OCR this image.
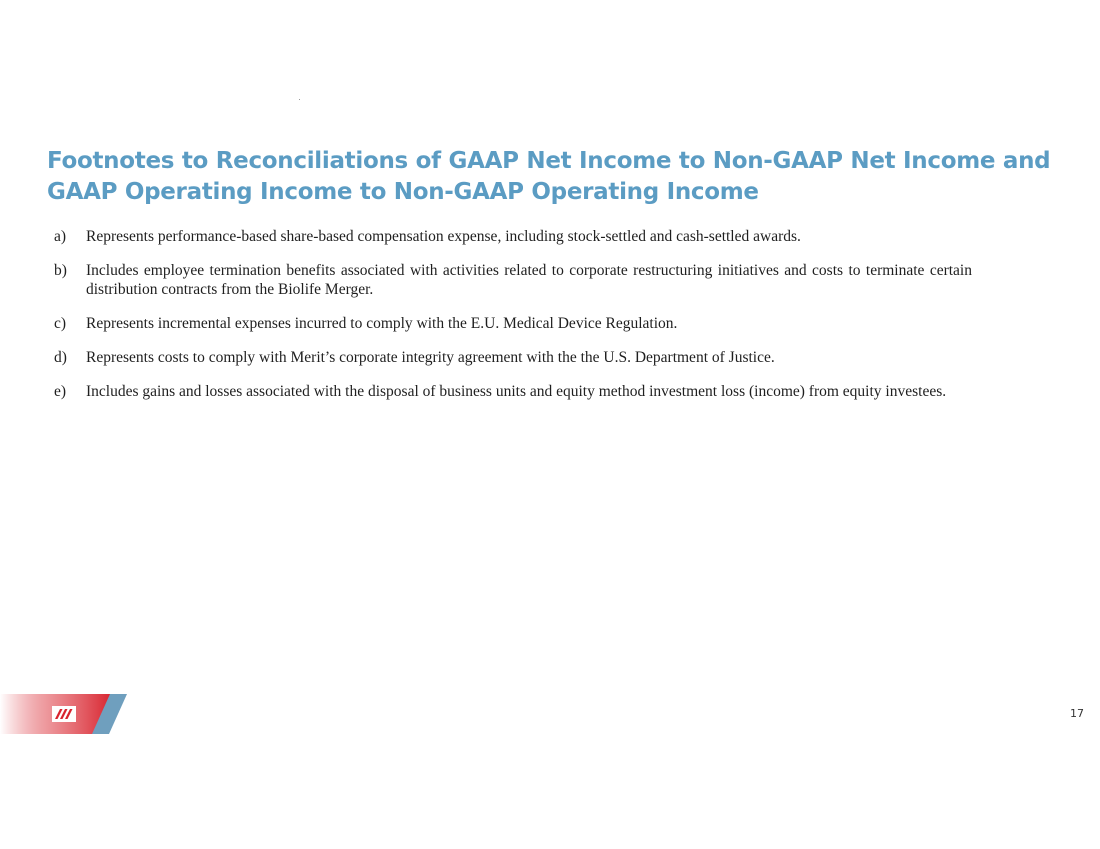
Footnotes to Reconciliations of GAAP Net Income to Non-GAAP Net Income and
GAAP Operating Income to Non-GAAP Operating Income
a)	Represents performance-based share-based compensation expense, including stock-settled and cash-settled awards.
b)	Includes employee termination benefits associated with activities related to corporate restructuring initiatives and costs to terminate certain distribution contracts from the Biolife Merger.
c)	Represents incremental expenses incurred to comply with the E.U. Medical Device Regulation.
d)	Represents costs to comply with Merit’s corporate integrity agreement with the the U.S. Department of Justice.
e)	Includes gains and losses associated with the disposal of business units and equity method investment loss (income) from equity investees.
17
